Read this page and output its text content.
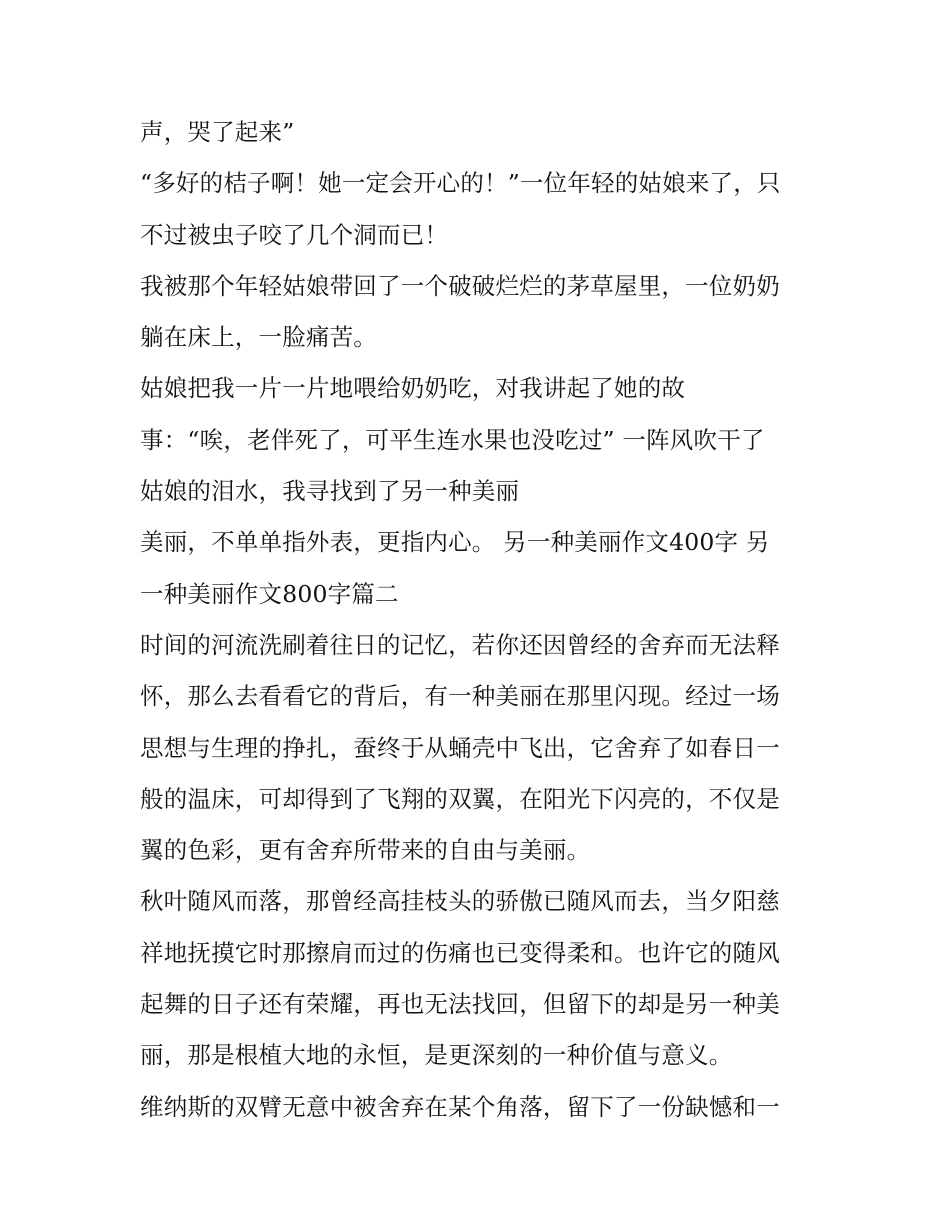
声，哭了起来”
“多好的桔子啊！她一定会开心的！”一位年轻的姑娘来了，只
不过被虫子咬了几个洞而已！
我被那个年轻姑娘带回了一个破破烂烂的茅草屋里，一位奶奶
躺在床上，一脸痛苦。
姑娘把我一片一片地喂给奶奶吃，对我讲起了她的故
事：“唉，老伴死了，可平生连水果也没吃过” 一阵风吹干了
姑娘的泪水，我寻找到了另一种美丽
美丽，不单单指外表，更指内心。 另一种美丽作文400字 另
一种美丽作文800字篇二
时间的河流洗刷着往日的记忆，若你还因曾经的舍弃而无法释
怀，那么去看看它的背后，有一种美丽在那里闪现。经过一场
思想与生理的挣扎，蚕终于从蛹壳中飞出，它舍弃了如春日一
般的温床，可却得到了飞翔的双翼，在阳光下闪亮的，不仅是
翼的色彩，更有舍弃所带来的自由与美丽。
秋叶随风而落，那曾经高挂枝头的骄傲已随风而去，当夕阳慈
祥地抚摸它时那擦肩而过的伤痛也已变得柔和。也许它的随风
起舞的日子还有荣耀，再也无法找回，但留下的却是另一种美
丽，那是根植大地的永恒，是更深刻的一种价值与意义。
维纳斯的双臂无意中被舍弃在某个角落，留下了一份缺憾和一
